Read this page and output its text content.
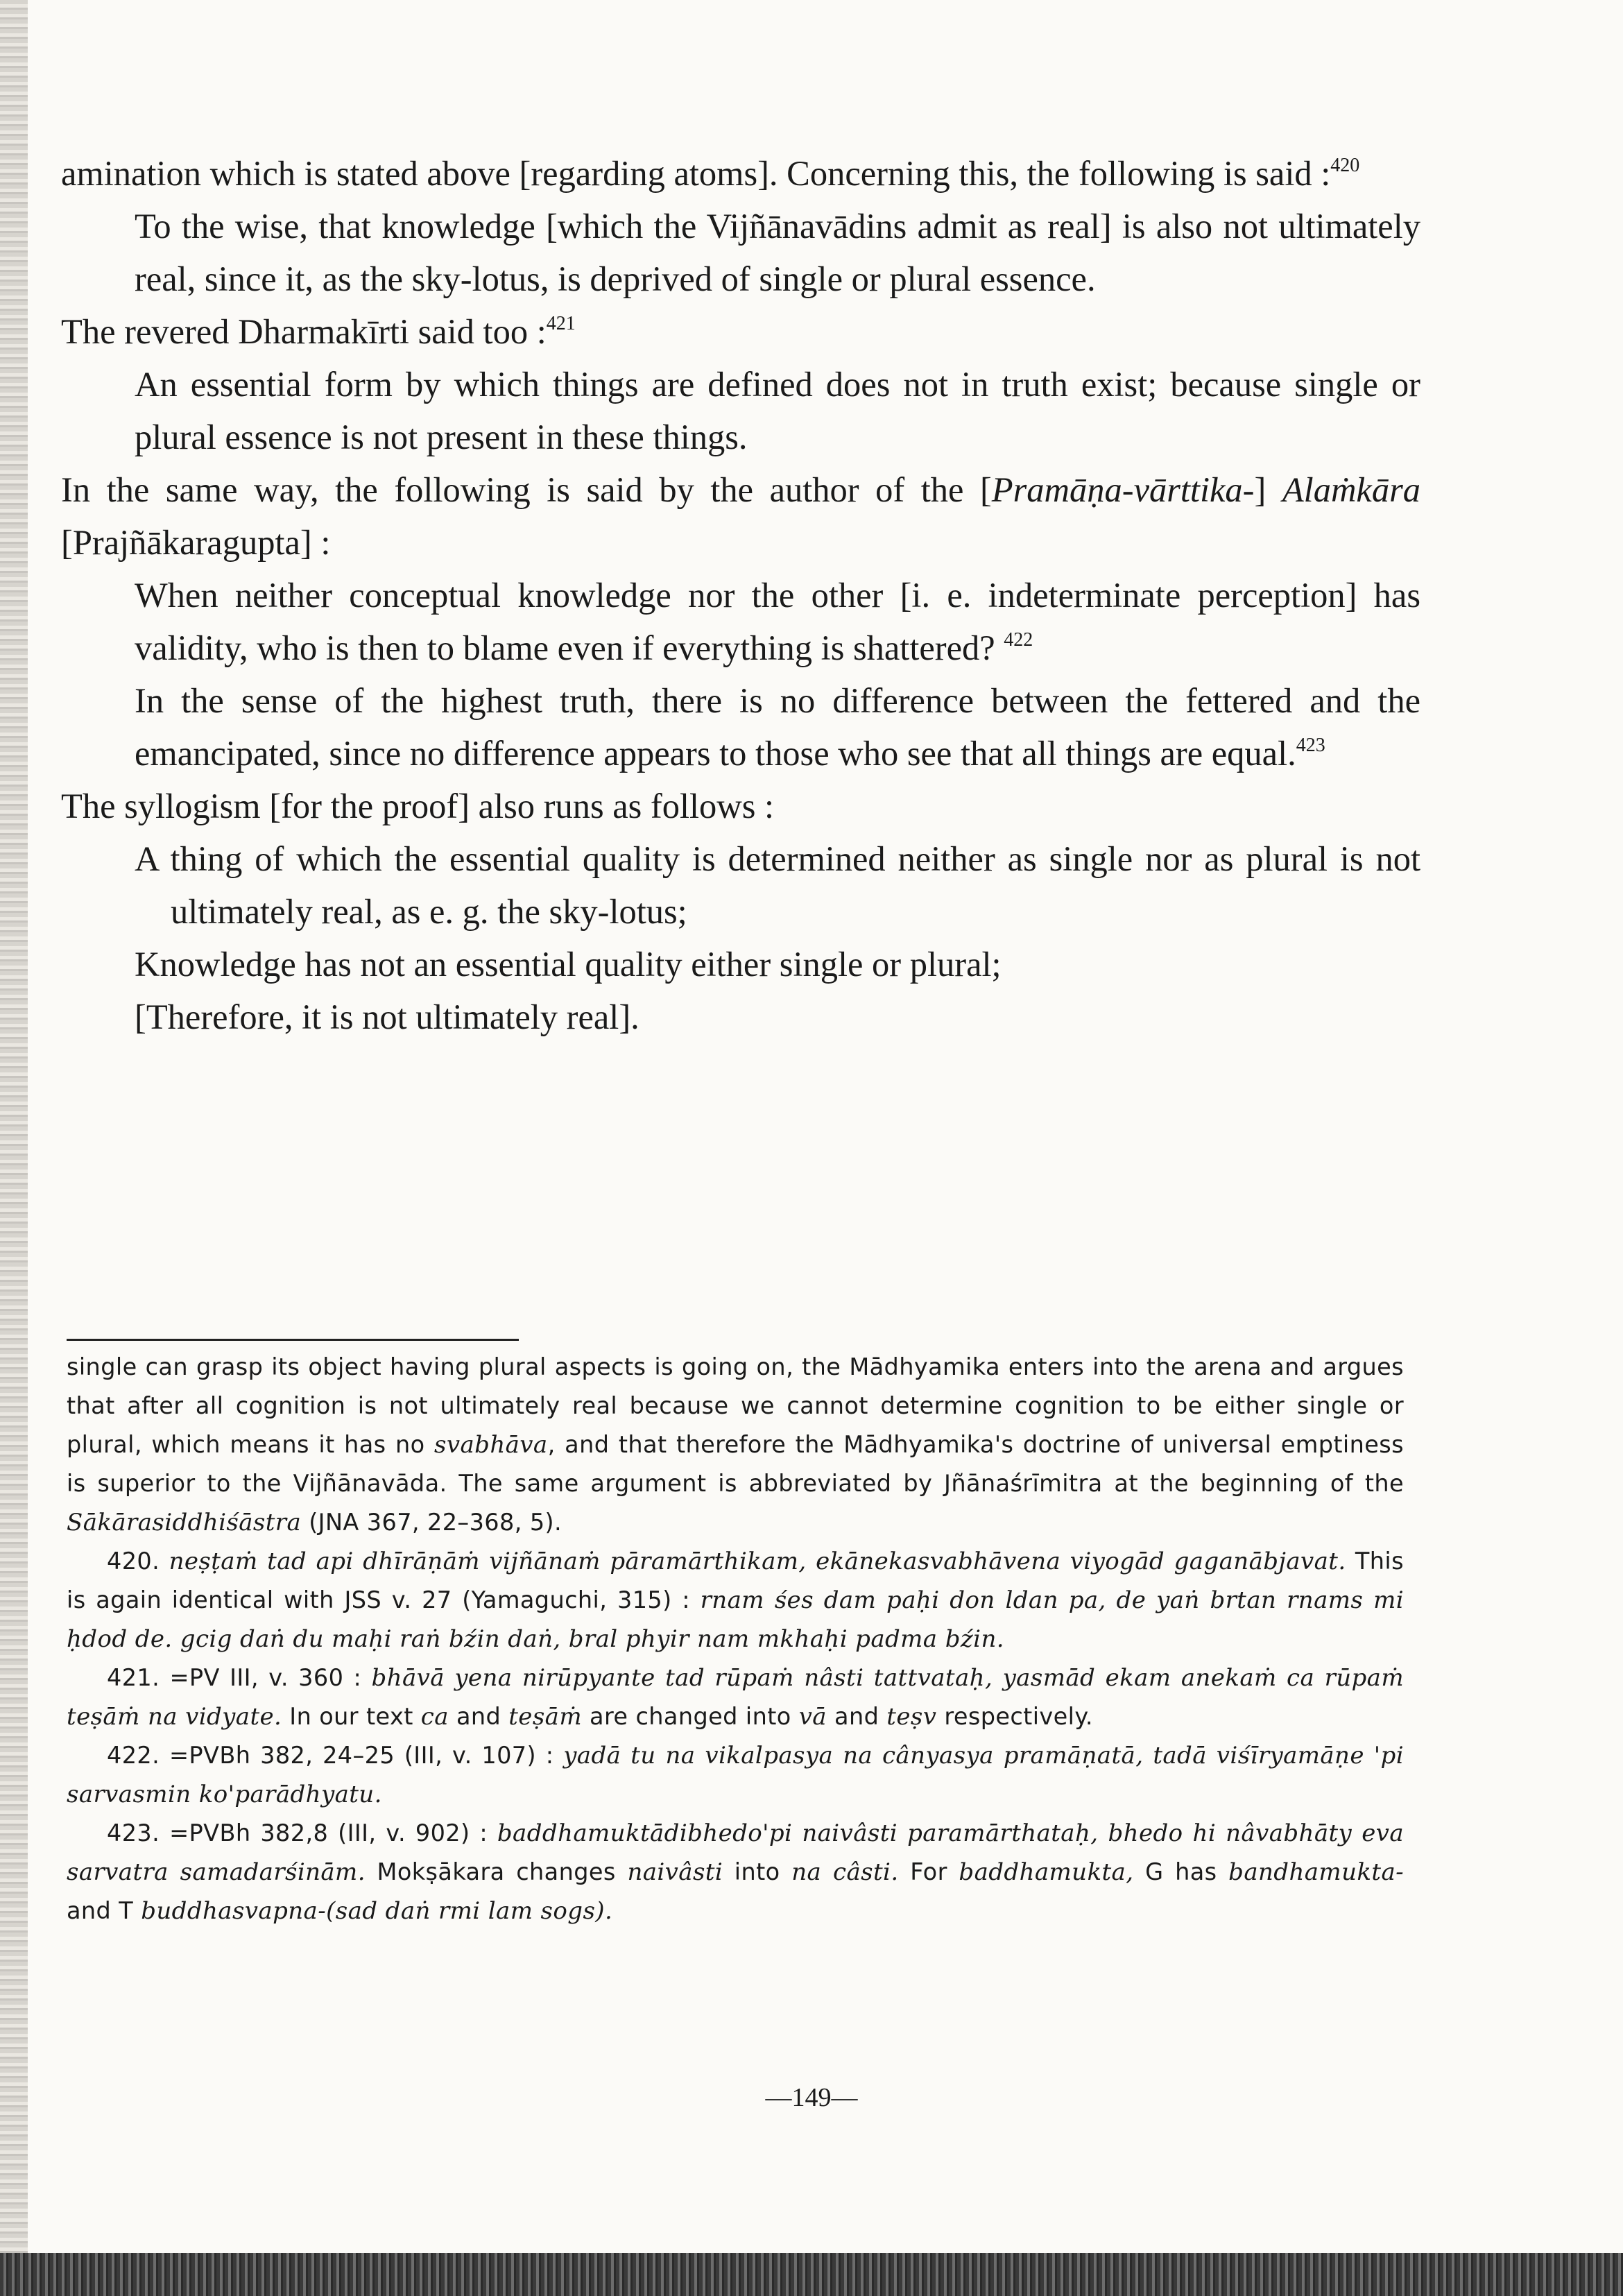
amination which is stated above [regarding atoms]. Concerning this, the following is said :$^{420}$

To the wise, that knowledge [which the Vijñānavādins admit as real] is also not ultimately real, since it, as the sky-lotus, is deprived of single or plural essence.

The revered Dharmakīrti said too :$^{421}$

An essential form by which things are defined does not in truth exist; because single or plural essence is not present in these things.

In the same way, the following is said by the author of the [Pramāṇa-vārttika-] Alaṁkāra [Prajñākaragupta] :

When neither conceptual knowledge nor the other [i. e. indeterminate perception] has validity, who is then to blame even if everything is shattered? $^{422}$

In the sense of the highest truth, there is no difference between the fettered and the emancipated, since no difference appears to those who see that all things are equal.$^{423}$

The syllogism [for the proof] also runs as follows :

A thing of which the essential quality is determined neither as single nor as plural is not ultimately real, as e. g. the sky-lotus;

Knowledge has not an essential quality either single or plural;

[Therefore, it is not ultimately real].

single can grasp its object having plural aspects is going on, the Mādhyamika enters into the arena and argues that after all cognition is not ultimately real because we cannot determine cognition to be either single or plural, which means it has no svabhāva, and that therefore the Mādhyamika's doctrine of universal emptiness is superior to the Vijñānavāda. The same argument is abbreviated by Jñānaśrīmitra at the beginning of the Sākārasiddhiśāstra (JNA 367, 22–368, 5).

420. neṣṭaṁ tad api dhīrāṇāṁ vijñānaṁ pāramārthikam, ekānekasvabhāvena viyogād gaganābjavat. This is again identical with JSS v. 27 (Yamaguchi, 315) : rnam śes dam paḥi don ldan pa, de yaṅ brtan rnams mi ḥdod de. gcig daṅ du maḥi raṅ bźin daṅ, bral phyir nam mkhaḥi padma bźin.

421. =PV III, v. 360 : bhāvā yena nirūpyante tad rūpaṁ nâsti tattvataḥ, yasmād ekam anekaṁ ca rūpaṁ teṣāṁ na vidyate. In our text ca and teṣāṁ are changed into vā and teṣv respectively.

422. =PVBh 382, 24–25 (III, v. 107) : yadā tu na vikalpasya na cânyasya pramāṇatā, tadā viśīryamāṇe 'pi sarvasmin ko'parādhyatu.

423. =PVBh 382,8 (III, v. 902) : baddhamuktādibhedo'pi naivâsti paramārthataḥ, bhedo hi nâvabhāty eva sarvatra samadarśinām. Mokṣākara changes naivâsti into na câsti. For baddhamukta, G has bandhamukta- and T buddhasvapna-(sad daṅ rmi lam sogs).

—149—
